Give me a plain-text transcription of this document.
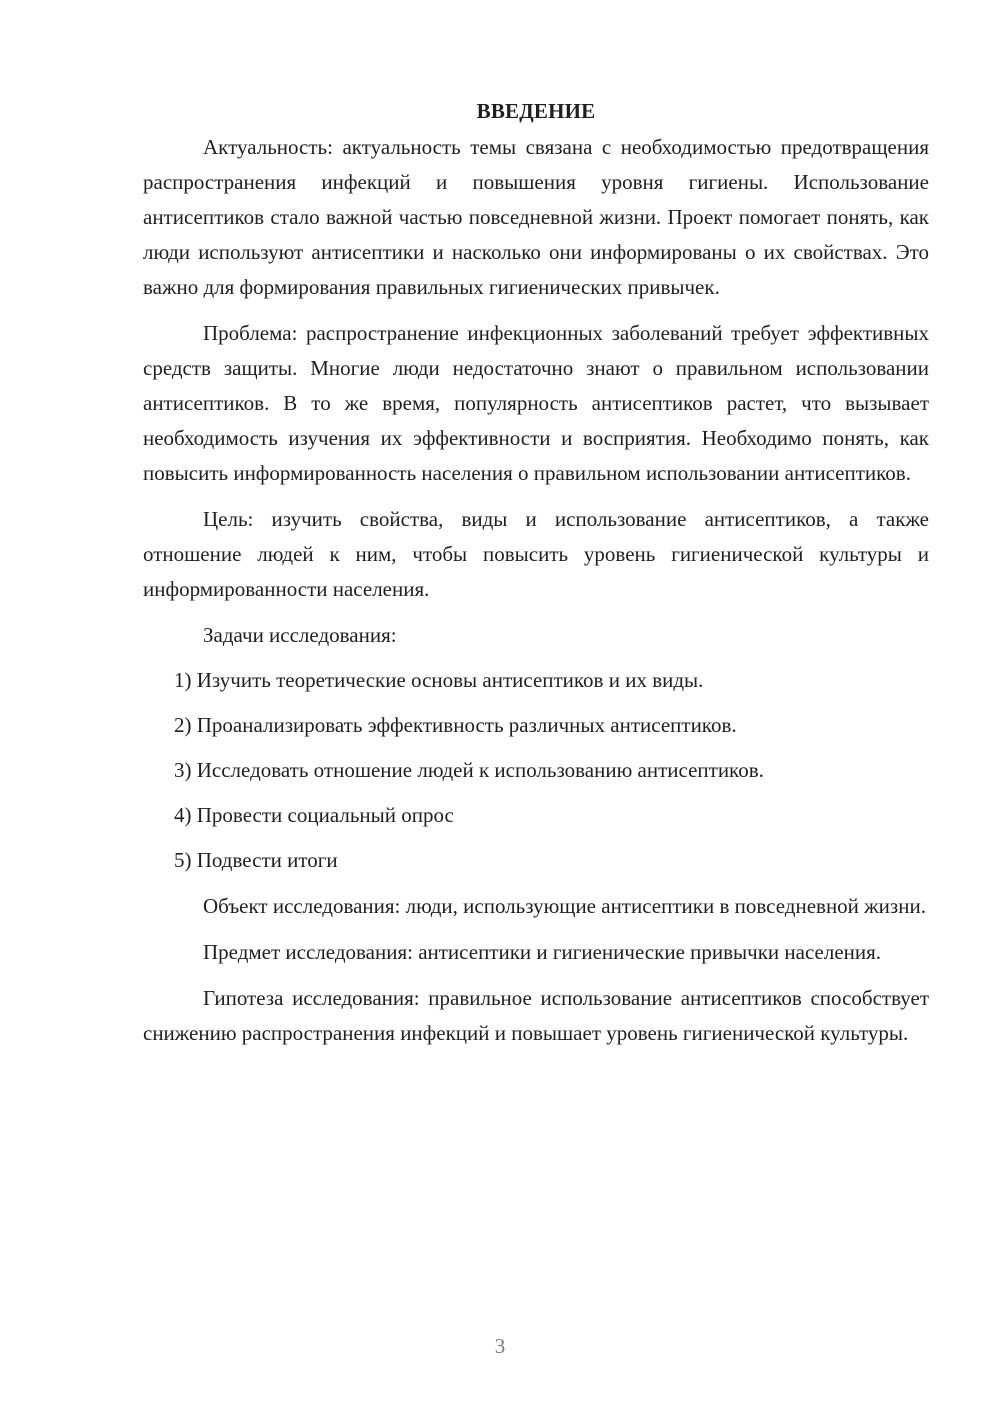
ВВЕДЕНИЕ

Актуальность: актуальность темы связана с необходимостью предотвращения распространения инфекций и повышения уровня гигиены. Использование антисептиков стало важной частью повседневной жизни. Проект помогает понять, как люди используют антисептики и насколько они информированы о их свойствах. Это важно для формирования правильных гигиенических привычек.

Проблема: распространение инфекционных заболеваний требует эффективных средств защиты. Многие люди недостаточно знают о правильном использовании антисептиков. В то же время, популярность антисептиков растет, что вызывает необходимость изучения их эффективности и восприятия. Необходимо понять, как повысить информированность населения о правильном использовании антисептиков.

Цель: изучить свойства, виды и использование антисептиков, а также отношение людей к ним, чтобы повысить уровень гигиенической культуры и информированности населения.

Задачи исследования:

1) Изучить теоретические основы антисептиков и их виды.

2) Проанализировать эффективность различных антисептиков.

3) Исследовать отношение людей к использованию антисептиков.

4) Провести социальный опрос

5) Подвести итоги

Объект исследования: люди, использующие антисептики в повседневной жизни.

Предмет исследования: антисептики и гигиенические привычки населения.

Гипотеза исследования: правильное использование антисептиков способствует снижению распространения инфекций и повышает уровень гигиенической культуры.

3
